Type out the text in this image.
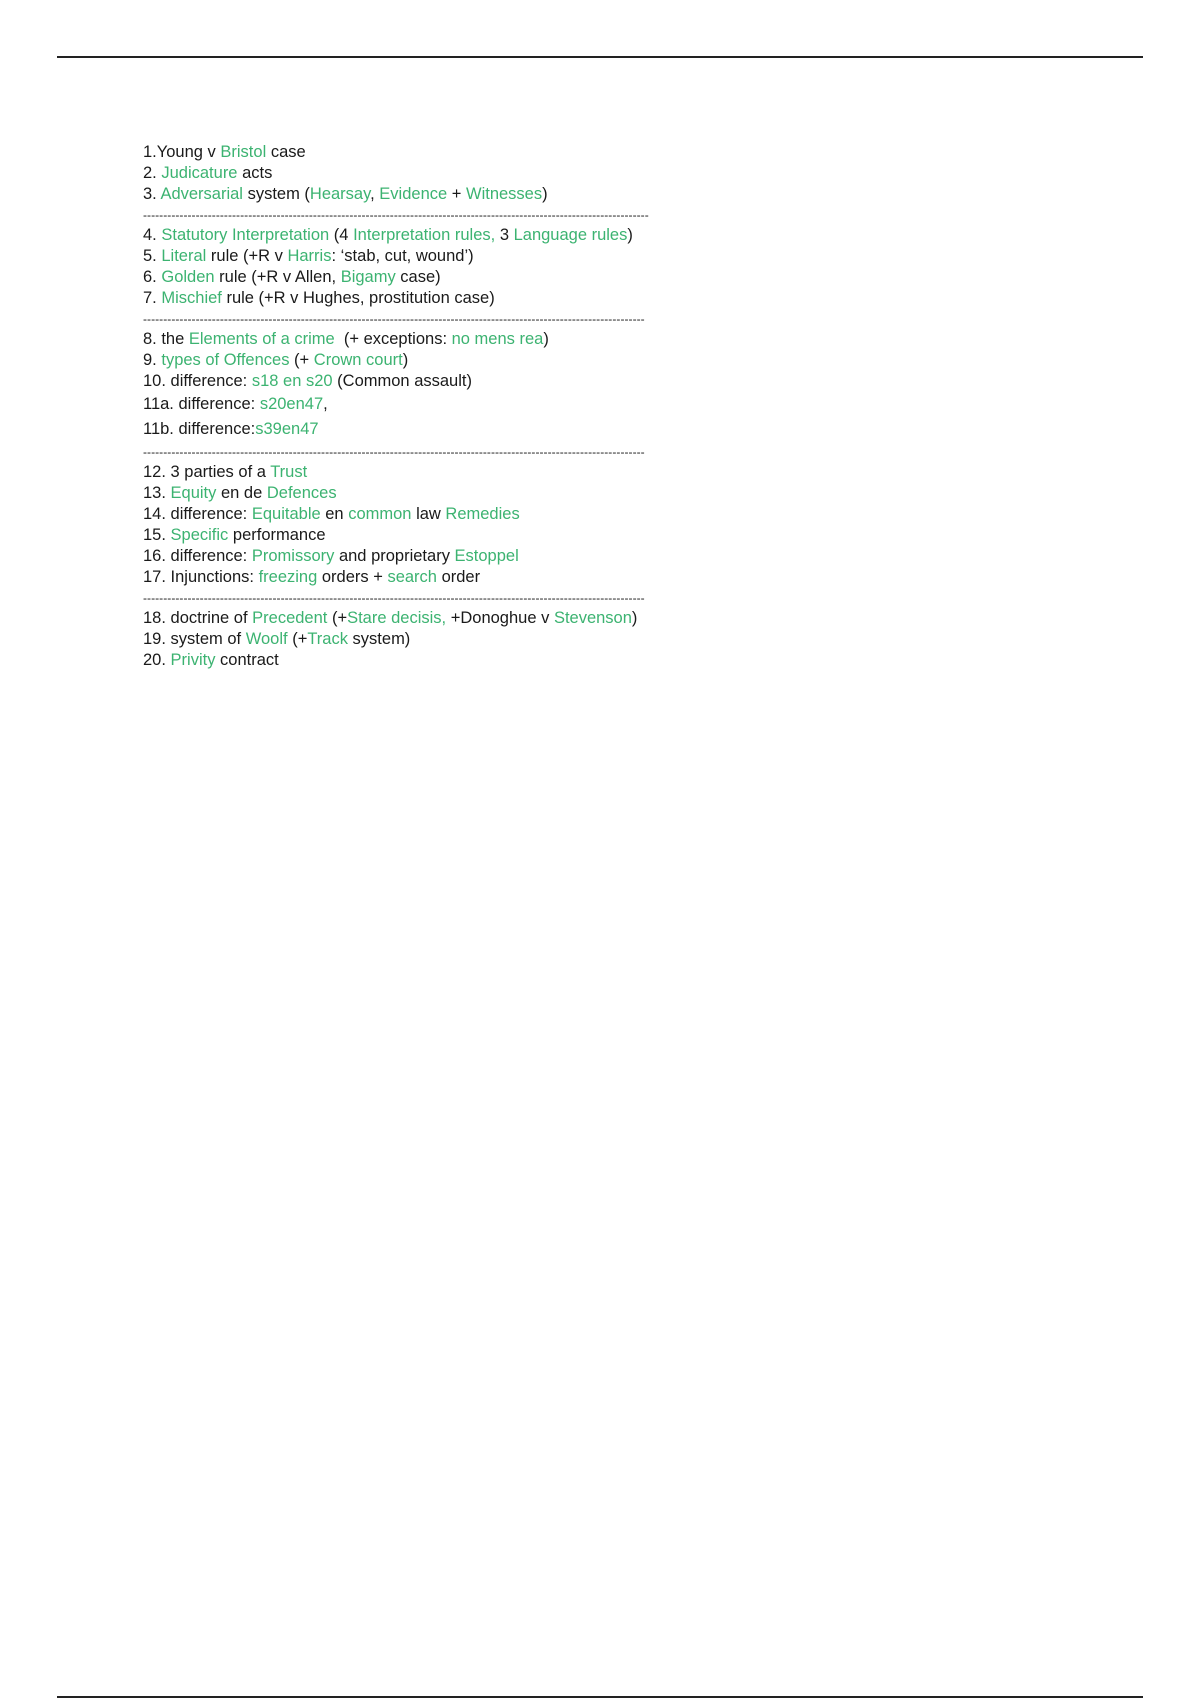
1.Young v Bristol case
2. Judicature acts
3. Adversarial system (Hearsay, Evidence + Witnesses)
-----------------------------------------------------------------------------------------------------------------------------
4. Statutory Interpretation (4 Interpretation rules, 3 Language rules)
5. Literal rule (+R v Harris: ‘stab, cut, wound’)
6. Golden rule (+R v Allen, Bigamy case)
7. Mischief rule (+R v Hughes, prostitution case)
----------------------------------------------------------------------------------------------------------------------------
8. the Elements of a crime  (+ exceptions: no mens rea)
9. types of Offences (+ Crown court)
10. difference: s18 en s20 (Common assault)
11a. difference: s20en47,
11b. difference:s39en47
----------------------------------------------------------------------------------------------------------------------------
12. 3 parties of a Trust
13. Equity en de Defences
14. difference: Equitable en common law Remedies
15. Specific performance
16. difference: Promissory and proprietary Estoppel
17. Injunctions: freezing orders + search order
----------------------------------------------------------------------------------------------------------------------------
18. doctrine of Precedent (+Stare decisis, +Donoghue v Stevenson)
19. system of Woolf (+Track system)
20. Privity contract
